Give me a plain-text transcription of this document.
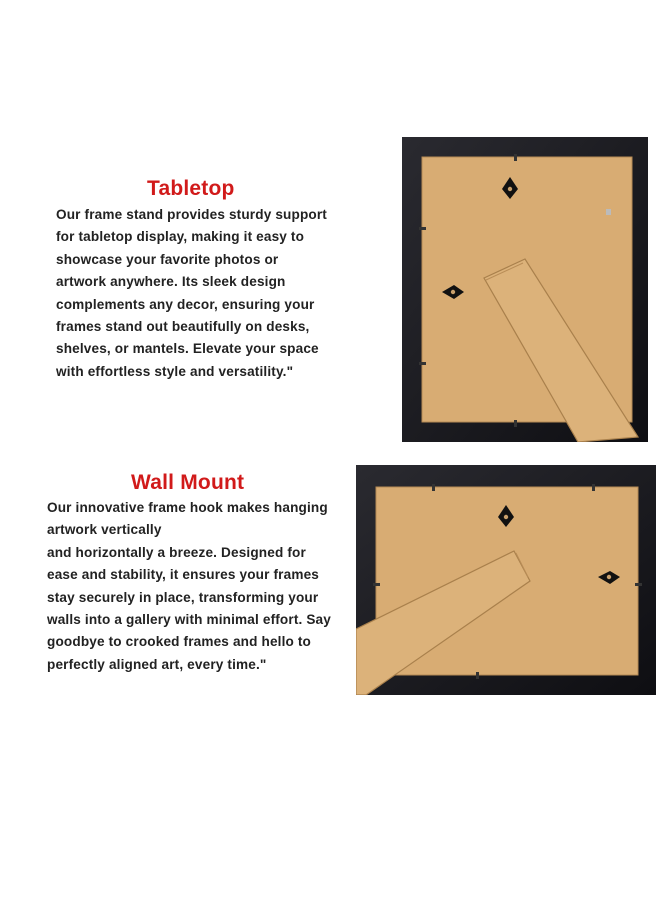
Tabletop
Our frame stand provides sturdy support
for tabletop display, making it easy to
showcase your favorite photos or
artwork anywhere. Its sleek design
complements any decor, ensuring your
frames stand out beautifully on desks,
shelves, or mantels. Elevate your space
with effortless style and versatility."
Wall Mount
Our innovative frame hook makes hanging
artwork vertically
and horizontally a breeze. Designed for
ease and stability, it ensures your frames
stay securely in place, transforming your
walls into a gallery with minimal effort. Say
goodbye to crooked frames and hello to
perfectly aligned art, every time."
